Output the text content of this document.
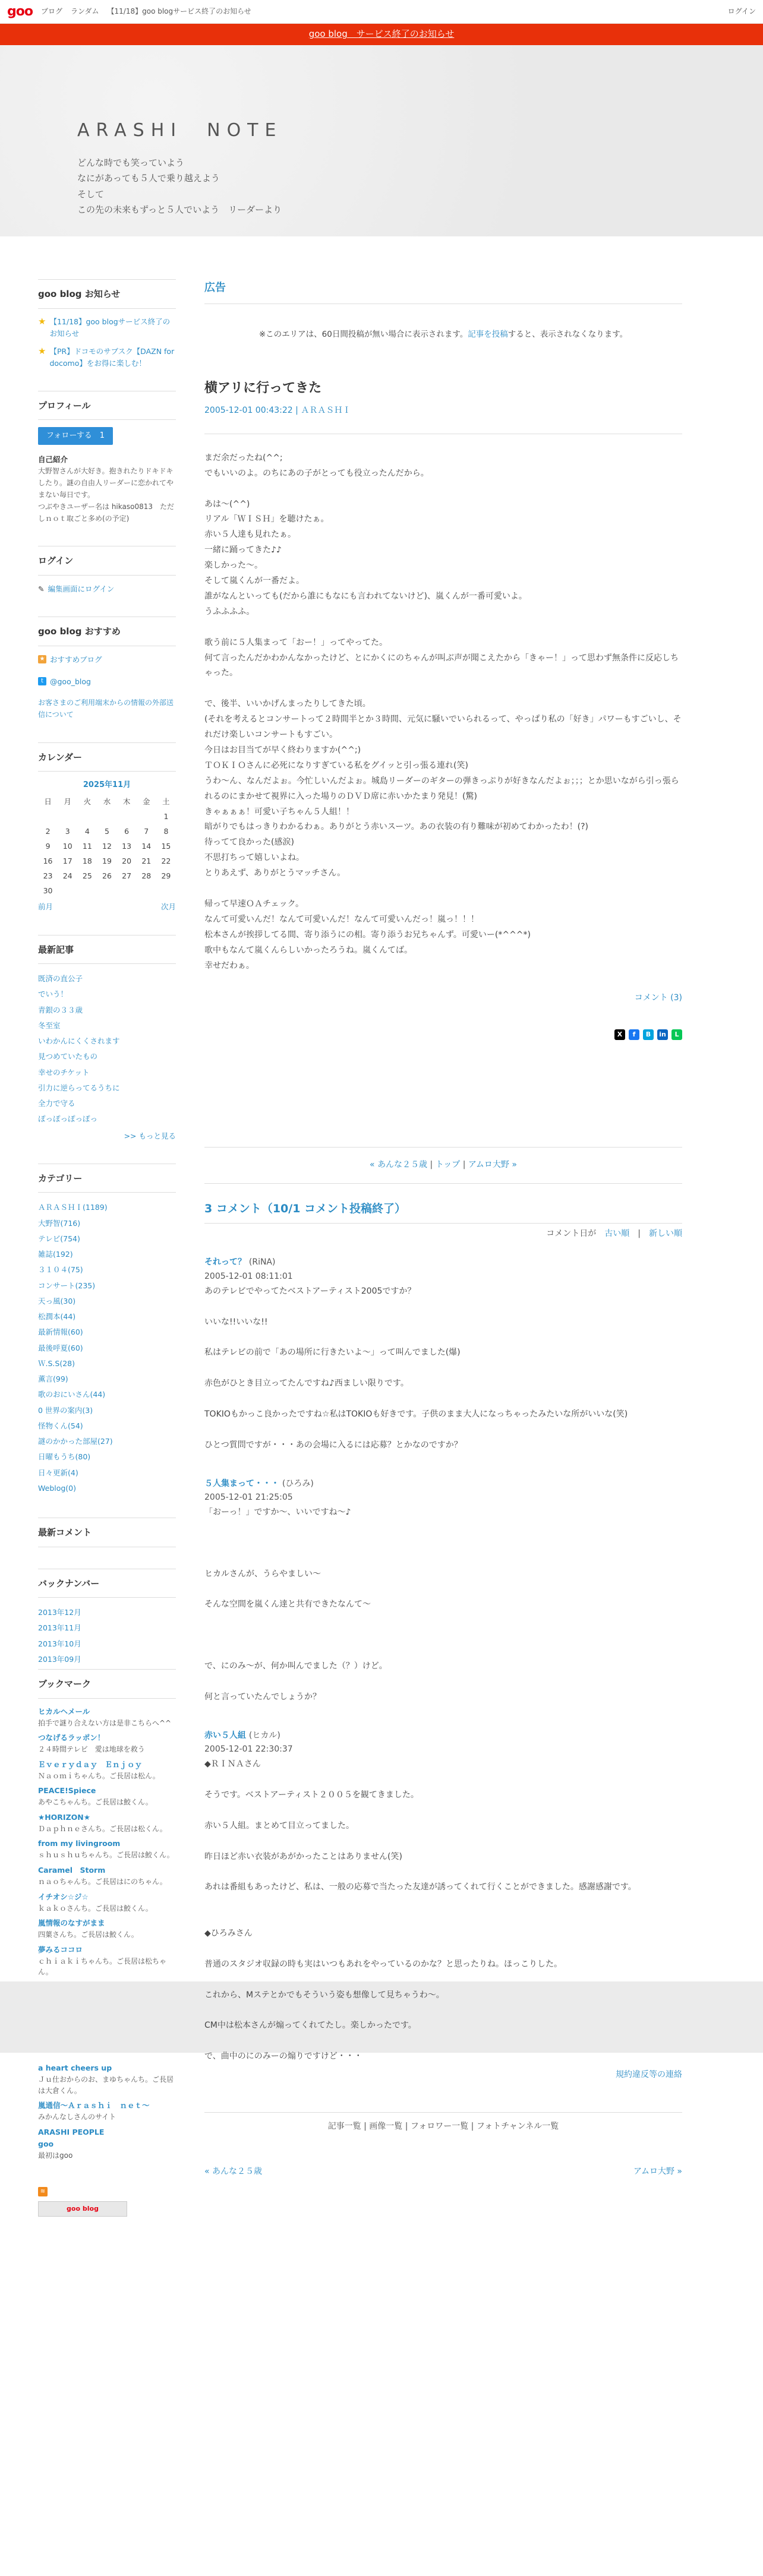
goo ブログ ランダム 【11/18】goo blogサービス終了のお知らせ	ログイン
goo blog　サービス終了のお知らせ
ARASHI　NOTE
どんな時でも笑っていよう
なにがあっても５人で乗り越えよう
そして
この先の未来もずっと５人でいよう　リーダーより
goo blog お知らせ
★ 【11/18】goo blogサービス終了のお知らせ
★ 【PR】ドコモのサブスク【DAZN for docomo】をお得に楽しむ！
プロフィール
フォローする　1
自己紹介
大野智さんが大好き。抱きれたりドキドキしたり。謎の自由人リーダーに恋かれてやまない毎日です。
つぶやきユーザー名は hikaso0813　ただしｎｏｔ取ごと多め(の予定)
ログイン
✎ 編集画面にログイン
goo blog おすすめ
★ おすすめブログ
t @goo_blog
お客さまのご利用端末からの情報の外部送信について
カレンダー
2025年11月
日	月	火	水	木	金	土
						1
2	3	4	5	6	7	8
9	10	11	12	13	14	15
16	17	18	19	20	21	22
23	24	25	26	27	28	29
30						
前月	次月
最新記事
既済の直公子
でいう！
青銀の３３歳
冬至室
いわかんにくくされます
見つめていたもの
幸せのチケット
引力に逆らってるうちに
全力で守る
ぽっぽっぽっぽっ
>> もっと見る
カテゴリー
ＡＲＡＳＨＩ(1189)
大野智(716)
テレビ(754)
雑誌(192)
３１０４(75)
コンサート(235)
天っ風(30)
松潤本(44)
最新情報(60)
最後呼夏(60)
Ｗ.S.S(28)
薫言(99)
歌のおにいさん(44)
0 世界の案内(3)
怪物くん(54)
謎のかかった部屋(27)
日曜もうち(80)
日々更新(4)
Weblog(0)
最新コメント
バックナンバー
2013年12月
2013年11月
2013年10月
2013年09月
ブックマーク
ヒカルヘメール
拍手で謎り合えない方は是非こちらへ^^
つなげるラッポン！
２４時間テレビ　愛は地球を救う
Ｅｖｅｒｙｄａｙ　Ｅｎｊｏｙ
Ｎａｏｍｉちゃんち。ご長居は松ん。
PEACE!Spiece
あやこちゃんち。ご長居は鮫くん。
★HORIZON★
Ｄａｐｈｎｅさんち。ご長居は松くん。
from my livingroom
ｓｈｕｓｈｕちゃんち。ご長居は鮫くん。
Caramel　Storm
ｎａｏちゃんち。ご長居はにのちゃん。
イチオシ☆ジ☆
ｋａｋｏさんち。ご長居は鮫くん。
嵐情報のなすがまま
四葉さんち。ご長居は鮫くん。
夢みるココロ
ｃｈｉａｋｉちゃんち。ご長居は松ちゃん。
広告
※このエリアは、60日間投稿が無い場合に表示されます。記事を投稿すると、表示されなくなります。
横アリに行ってきた
2005-12-01 00:43:22 | ＡＲＡＳＨＩ

まだ余だったね(^^;
でもいいのよ。のちにあの子がとっても役立ったんだから。

あは～(^^)
リアル「ＷＩＳＨ」を聴けたぁ。
赤い５人達も見れたぁ。
一緒に踊ってきた♪♪
楽しかった～。
そして嵐くんが一番だよ。
誰がなんといっても(だから誰にもなにも言われてないけど)、嵐くんが一番可愛いよ。
うふふふふ。

歌う前に５人集まって「おー！」ってやってた。
何て言ったんだかわかんなかったけど、とにかくにのちゃんが叫ぶ声が聞こえたから「きゃー！」って思わず無条件に反応しちゃった。

で、後半、いいかげんまったりしてきた頃。
(それを考えるとコンサートって２時間半とか３時間、元気に騒いでいられるって、やっぱり私の「好き」パワーもすごいし、それだけ楽しいコンサートもすごい。
今日はお目当てが早く終わりますか(^^;)
ＴＯＫＩＯさんに必死になりすぎている私をグイッと引っ張る連れ(笑)
うわ～ん、なんだよぉ。今忙しいんだよぉ。城島リーダーのギターの弾きっぷりが好きなんだよぉ；；；とか思いながら引っ張られるのにまかせて視界に入った場りのＤＶＤ席に赤いかたまり発見！(驚)
きゃぁぁぁ！可愛い子ちゃん５人組！！
暗がりでもはっきりわかるわぁ。ありがとう赤いスーツ。あの衣装の有り難味が初めてわかったわ！(?)
待ってて良かった(感涙)
不思打ちって嬉しいよね。
とりあえず、ありがとうマッチさん。

帰って早速ＯＡチェック。
なんて可愛いんだ！なんて可愛いんだ！なんて可愛いんだっ！嵐っ！！！
松本さんが挨拶してる間、寄り添うにの相。寄り添うお兄ちゃんず。可愛いー(*^^^*)
歌中もなんて嵐くんらしいかったろうね。嵐くんてば。
幸せだわぁ。

コメント (3)
X	f	B	in	L
« あんな２５歳 | トップ | アムロ大野 »
3 コメント（10/1 コメント投稿終了）
コメント日が　 古い順　|　新しい順
それって？ (RiNA)
2005-12-01 08:11:01
あのテレビでやってたベストアーティスト2005ですか？

いいな!!いいな!!

私はテレビの前で「あの場所に行きたいよ～」って叫んでました(爆)

赤色がひとき目立ってたんですね♪西ましい限りです。

TOKIOもかっこ良かったですね☆私はTOKIOも好きです。子供のまま大人になっちゃったみたいな所がいいな(笑)

ひとつ質問ですが・・・あの会場に入るには応募？とかなのですか？
５人集まって・・・ (ひろみ)
2005-12-01 21:25:05
「おーっ！」ですか～、いいですね～♪

ヒカルさんが、うらやましい～

そんな空間を嵐くん達と共有できたなんて～

で、にのみ～が、何か叫んでました（？）けど。

何と言っていたんでしょうか？
赤い５人組 (ヒカル)
2005-12-01 22:30:37
◆ＲＩＮＡさん

そうです。ベストアーティスト２００５を観てきました。

赤い５人組。まとめて目立ってました。

昨日ほど赤い衣装があがかったことはありません(笑)

あれは番組もあったけど、私は、一般の応募で当たった友達が誘ってくれて行くことができました。感謝感謝です。

◆ひろみさん

普通のスタジオ収録の時も実はいつもあれをやっているのかな？と思ったりね。ほっこりした。

これから、Mステとかでもそういう姿も想像して見ちゃうわ～。

CM中は松本さんが煽ってくれてたし。楽しかったです。

で、曲中のにのみーの煽りですけど・・・
a heart cheers up
Ｊｕ仕おからのお、まゆちゃんち。ご長居は大倉くん。
嵐通信～Ａｒａｓｈｉ　ｎｅｔ～
みかんなしさんのサイト
ARASHI PEOPLE
goo
最初はgoo
≋
goo blog
規約違反等の連絡
記事一覧 | 画像一覧 | フォロワー一覧 | フォトチャンネル一覧
« あんな２５歳	アムロ大野 »
